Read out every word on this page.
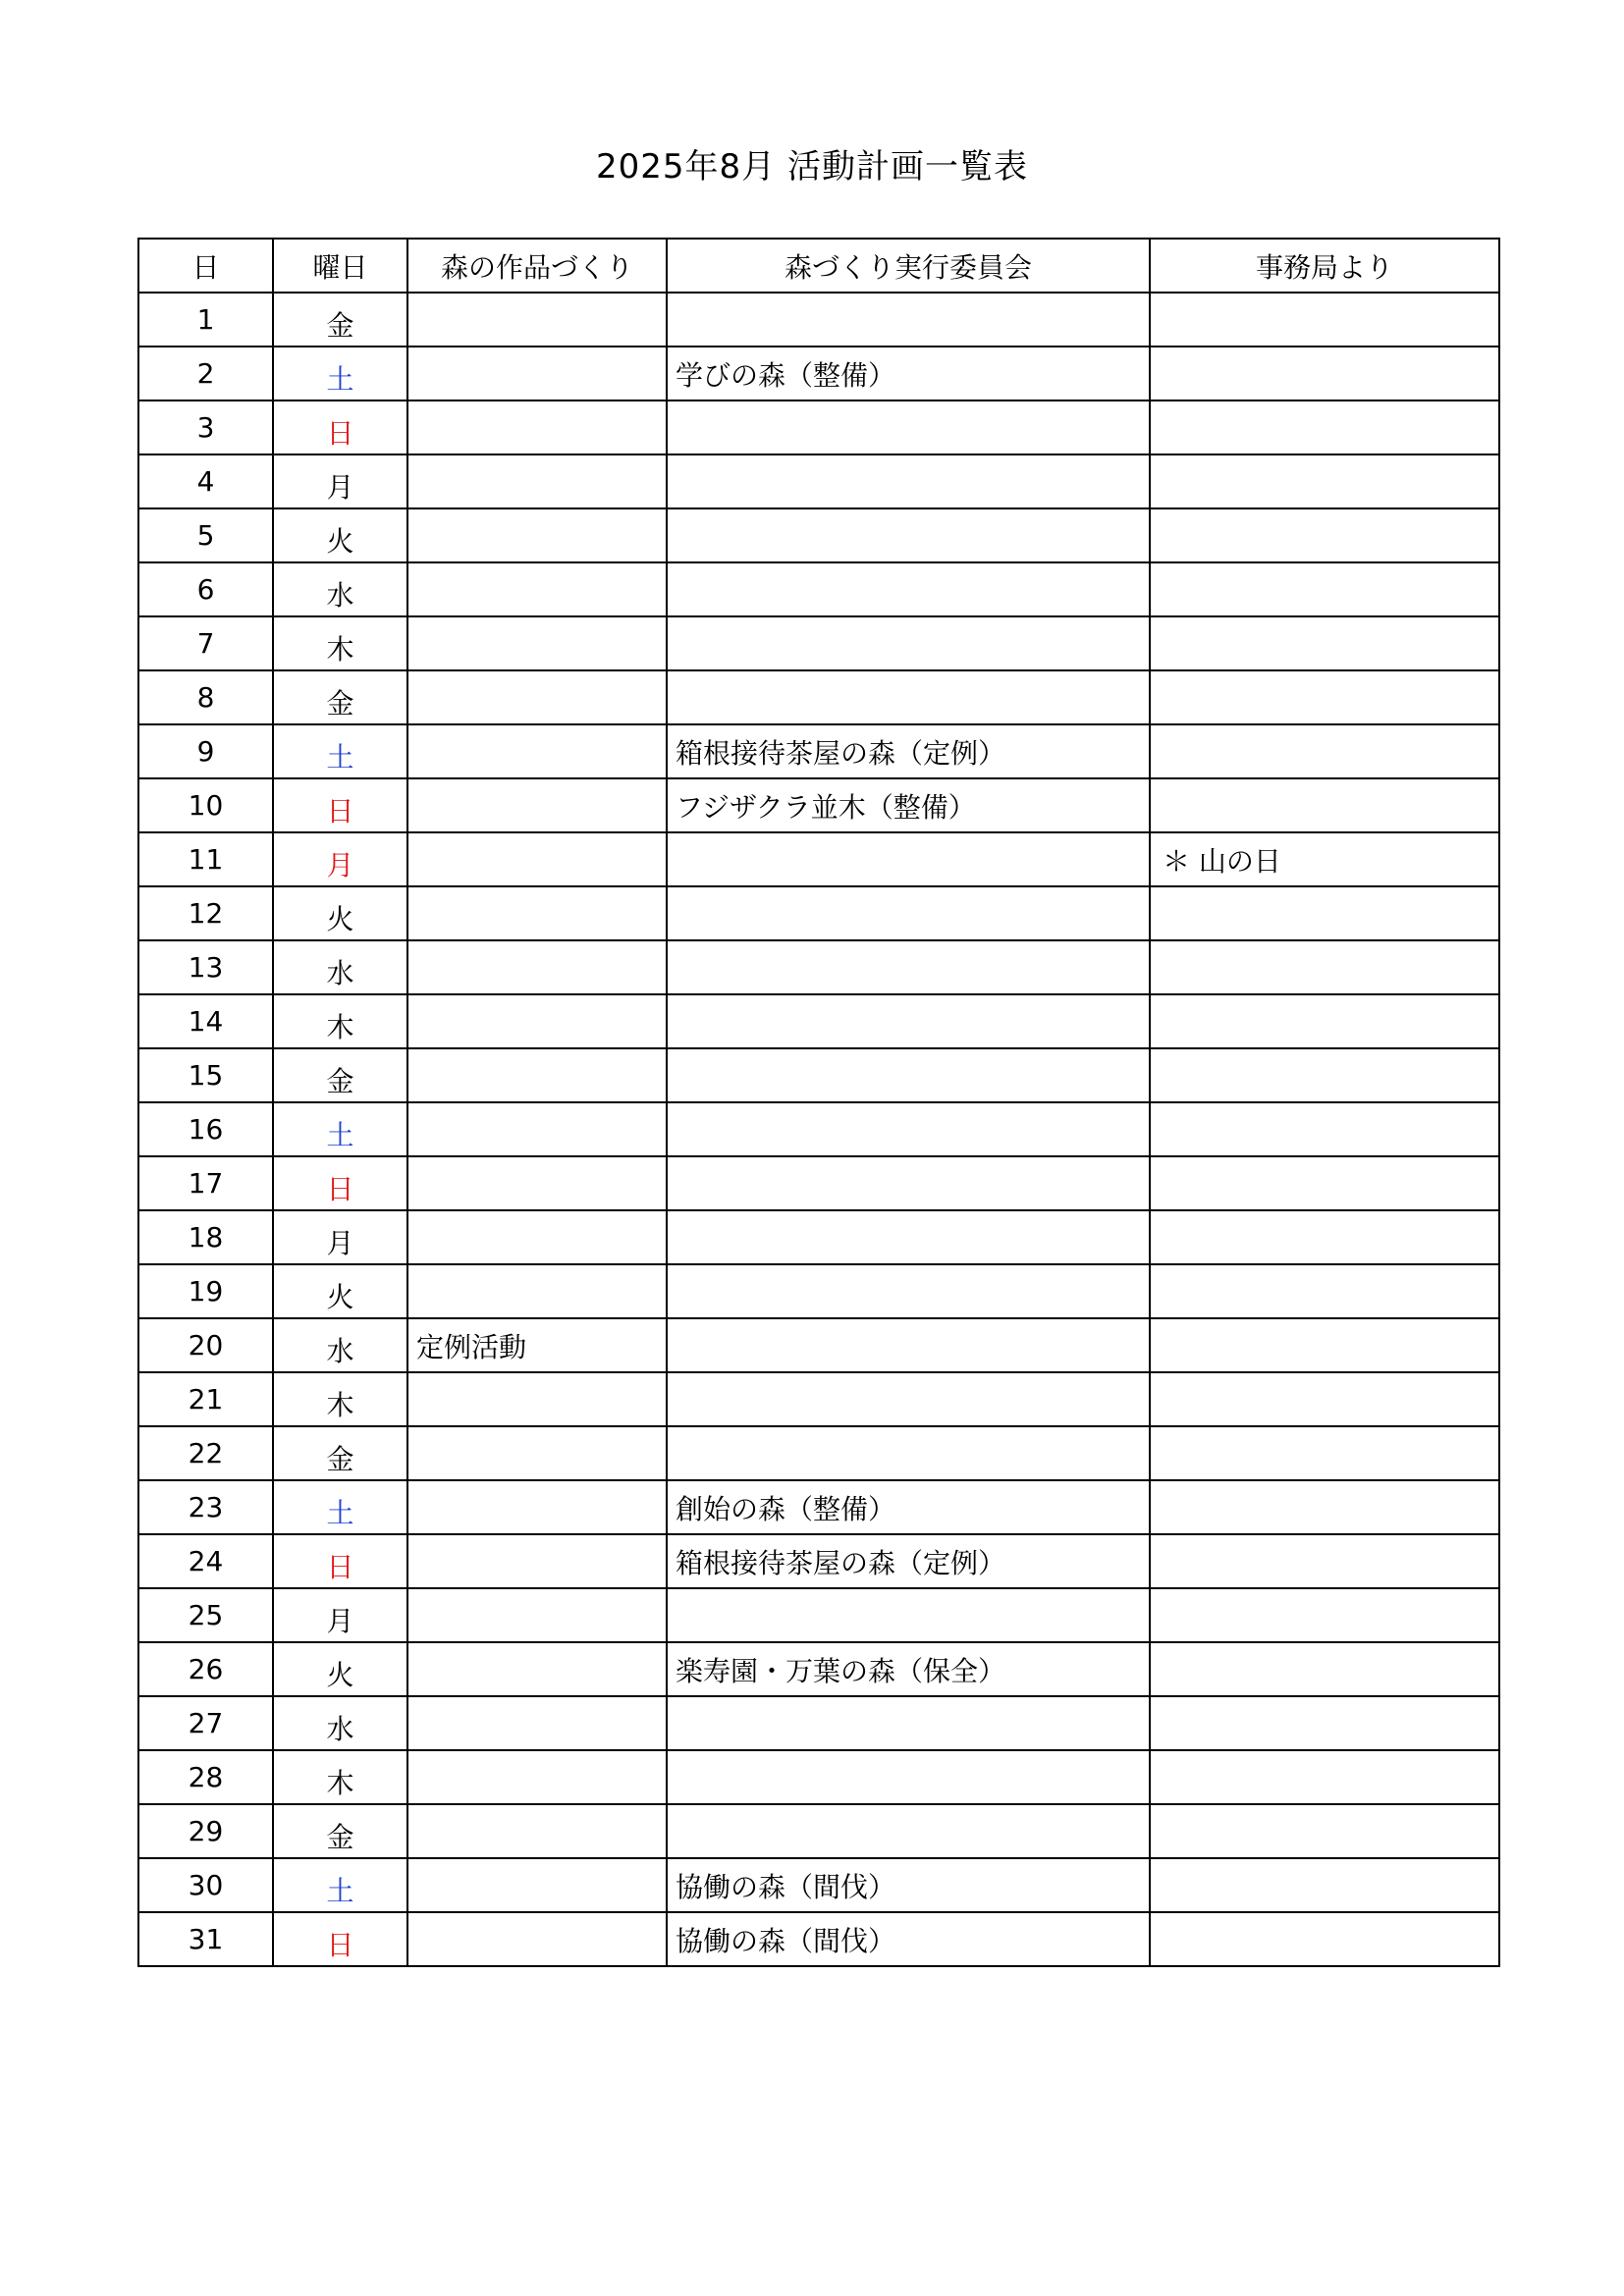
2025年8月 活動計画一覧表
日	曜日	森の作品づくり	森づくり実行委員会	事務局より
1	金			
2	土		学びの森（整備）	
3	日			
4	月			
5	火			
6	水			
7	木			
8	金			
9	土		箱根接待茶屋の森（定例）	
10	日		フジザクラ並木（整備）	
11	月			＊ 山の日
12	火			
13	水			
14	木			
15	金			
16	土			
17	日			
18	月			
19	火			
20	水	定例活動		
21	木			
22	金			
23	土		創始の森（整備）	
24	日		箱根接待茶屋の森（定例）	
25	月			
26	火		楽寿園・万葉の森（保全）	
27	水			
28	木			
29	金			
30	土		協働の森（間伐）	
31	日		協働の森（間伐）	
